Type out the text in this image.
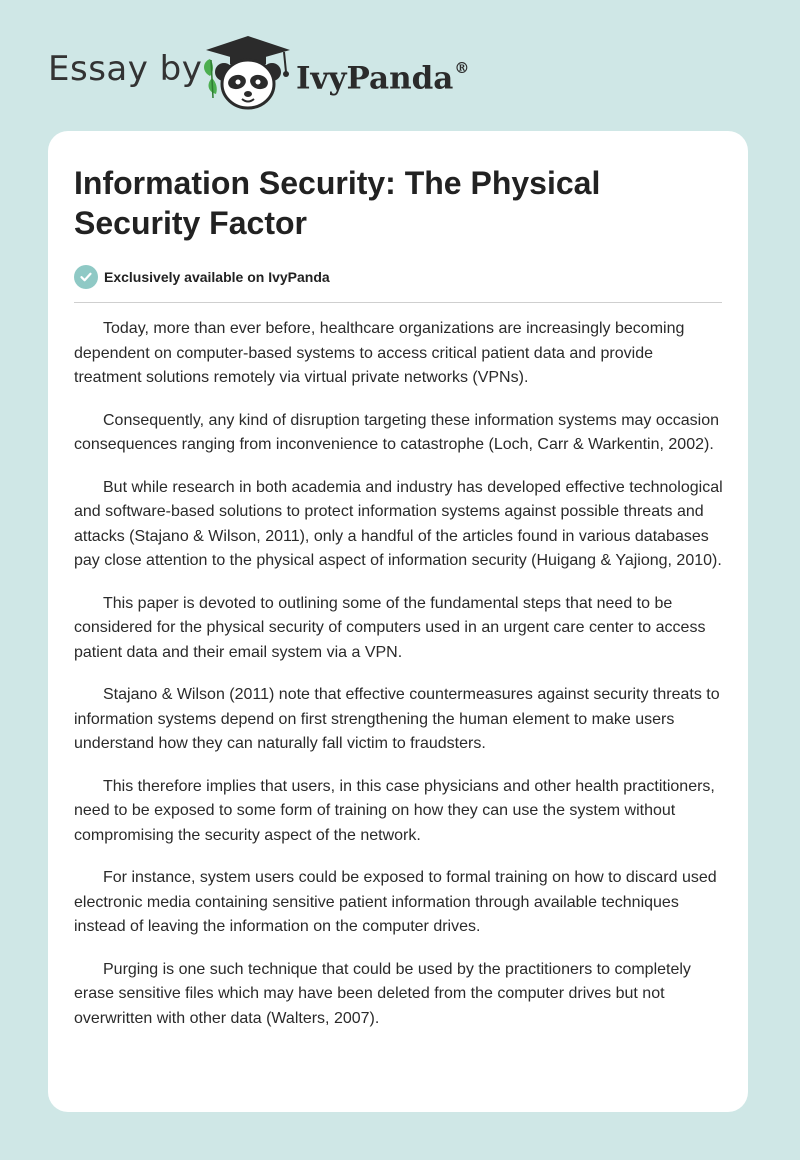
Essay by	IvyPanda®
Information Security: The Physical Security Factor
Exclusively available on IvyPanda

Today, more than ever before, healthcare organizations are increasingly becoming dependent on computer-based systems to access critical patient data and provide treatment solutions remotely via virtual private networks (VPNs).

Consequently, any kind of disruption targeting these information systems may occasion consequences ranging from inconvenience to catastrophe (Loch, Carr & Warkentin, 2002).

But while research in both academia and industry has developed effective technological and software-based solutions to protect information systems against possible threats and attacks (Stajano & Wilson, 2011), only a handful of the articles found in various databases pay close attention to the physical aspect of information security (Huigang & Yajiong, 2010).

This paper is devoted to outlining some of the fundamental steps that need to be considered for the physical security of computers used in an urgent care center to access patient data and their email system via a VPN.

Stajano & Wilson (2011) note that effective countermeasures against security threats to information systems depend on first strengthening the human element to make users understand how they can naturally fall victim to fraudsters.

This therefore implies that users, in this case physicians and other health practitioners, need to be exposed to some form of training on how they can use the system without compromising the security aspect of the network.

For instance, system users could be exposed to formal training on how to discard used electronic media containing sensitive patient information through available techniques instead of leaving the information on the computer drives.

Purging is one such technique that could be used by the practitioners to completely erase sensitive files which may have been deleted from the computer drives but not overwritten with other data (Walters, 2007).
